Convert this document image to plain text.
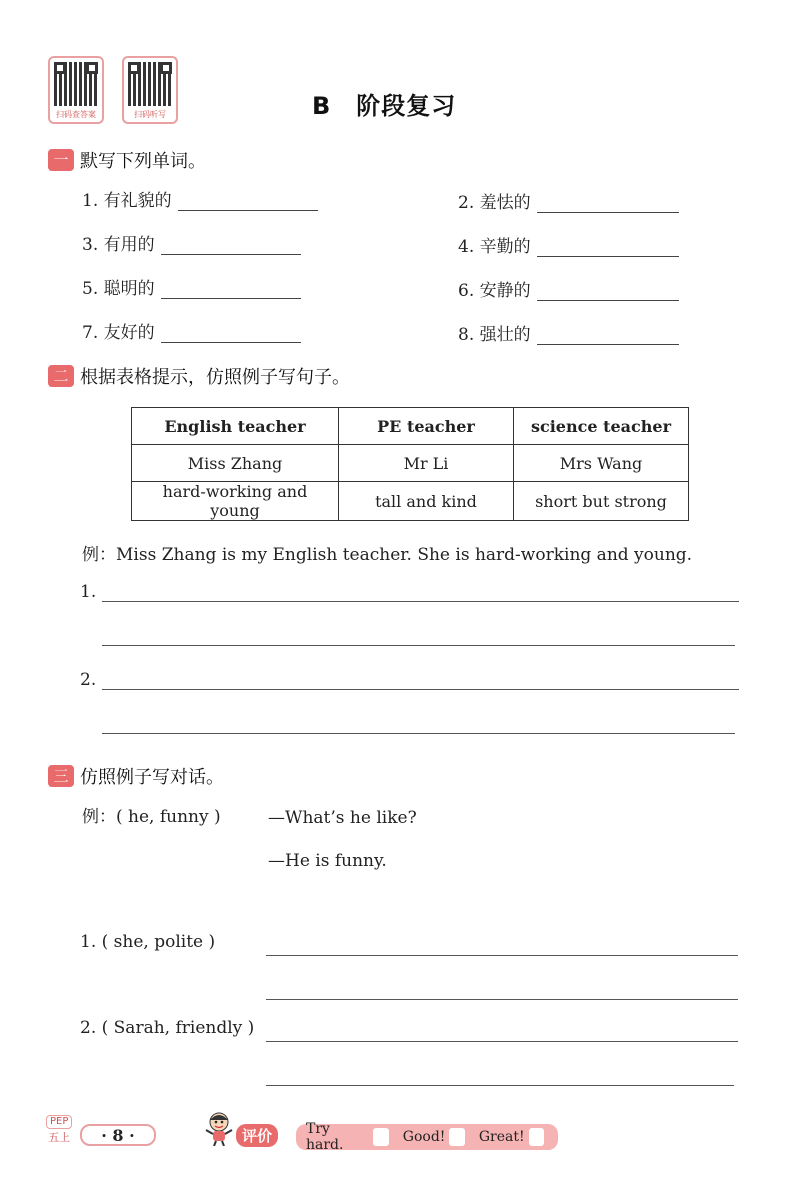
扫码查答案	扫码听写	B　阶段复习
一 默写下列单词。
1. 有礼貌的	2. 羞怯的
3. 有用的	4. 辛勤的
5. 聪明的	6. 安静的
7. 友好的	8. 强壮的
二 根据表格提示，仿照例子写句子。
English teacher	PE teacher	science teacher
Miss Zhang	Mr Li	Mrs Wang
hard-working and young	tall and kind	short but strong
例：Miss Zhang is my English teacher. She is hard-working and young.
1.
2.
三 仿照例子写对话。
例：( he, funny )	—What’s he like?
—He is funny.
1. ( she, polite )
2. ( Sarah, friendly )
PEP
五上	· 8 ·	评价	Try hard.	Good! Great!
